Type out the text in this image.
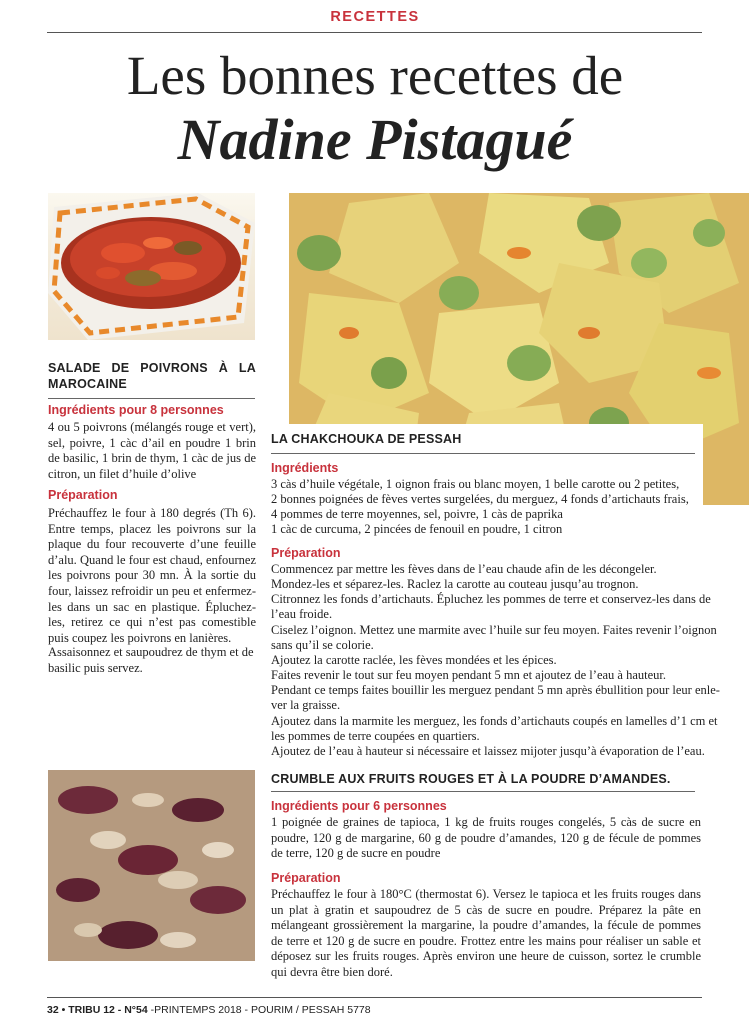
RECETTES
Les bonnes recettes de
Nadine Pistagué
SALADE DE POIVRONS À LA MAROCAINE
Ingrédients pour 8 personnes
4 ou 5 poivrons (mélangés rouge et vert), sel, poivre, 1 càc d’ail en poudre 1 brin de basilic, 1 brin de thym, 1 càc de jus de citron, un filet d’huile d’olive
Préparation
Préchauffez le four à 180 degrés (Th 6). Entre temps, placez les poivrons sur la plaque du four recouverte d’une feuille d’alu. Quand le four est chaud, enfournez les poivrons pour 30 mn. À la sortie du four, laissez refroidir un peu et enfermez-les dans un sac en plastique. Épluchez-les, retirez ce qui n’est pas comestible puis coupez les poivrons en lanières.
Assaisonnez et saupoudrez de thym et de basilic puis servez.
LA CHAKCHOUKA DE PESSAH
Ingrédients
3 càs d’huile végétale, 1 oignon frais ou blanc moyen, 1 belle carotte ou 2 petites,
2 bonnes poignées de fèves vertes surgelées, du merguez, 4 fonds d’artichauts frais,
4 pommes de terre moyennes, sel, poivre, 1 càs de paprika
1 càc de curcuma, 2 pincées de fenouil en poudre, 1 citron
Préparation
Commencez par mettre les fèves dans de l’eau chaude afin de les décongeler.
Mondez-les et séparez-les. Raclez la carotte au couteau jusqu’au trognon.
Citronnez les fonds d’artichauts. Épluchez les pommes de terre et conservez-les dans de
l’eau froide.
Ciselez l’oignon. Mettez une marmite avec l’huile sur feu moyen. Faites revenir l’oignon
sans qu’il se colorie.
Ajoutez la carotte raclée, les fèves mondées et les épices.
Faites revenir le tout sur feu moyen pendant 5 mn et ajoutez de l’eau à hauteur.
Pendant ce temps faites bouillir les merguez pendant 5 mn après ébullition pour leur enle-
ver la graisse.
Ajoutez dans la marmite les merguez, les fonds d’artichauts coupés en lamelles d’1 cm et
les pommes de terre coupées en quartiers.
Ajoutez de l’eau à hauteur si nécessaire et laissez mijoter jusqu’à évaporation de l’eau.
CRUMBLE AUX FRUITS ROUGES ET À LA POUDRE D’AMANDES.
Ingrédients pour 6 personnes
1 poignée de graines de tapioca, 1 kg de fruits rouges congelés, 5 càs de sucre en poudre, 120 g de margarine, 60 g de poudre d’amandes, 120 g de fécule de pommes de terre, 120 g de sucre en poudre
Préparation
Préchauffez le four à 180°C (thermostat 6). Versez le tapioca et les fruits rouges dans un plat à gratin et saupoudrez de 5 càs de sucre en poudre. Préparez la pâte en mélangeant grossièrement la margarine, la poudre d’amandes, la fécule de pommes de terre et 120 g de sucre en poudre. Frottez entre les mains pour réaliser un sable et déposez sur les fruits rouges. Après environ une heure de cuisson, sortez le crumble qui devra être bien doré.
32 • TRIBU 12 - N°54 -PRINTEMPS 2018 - POURIM / PESSAH 5778
